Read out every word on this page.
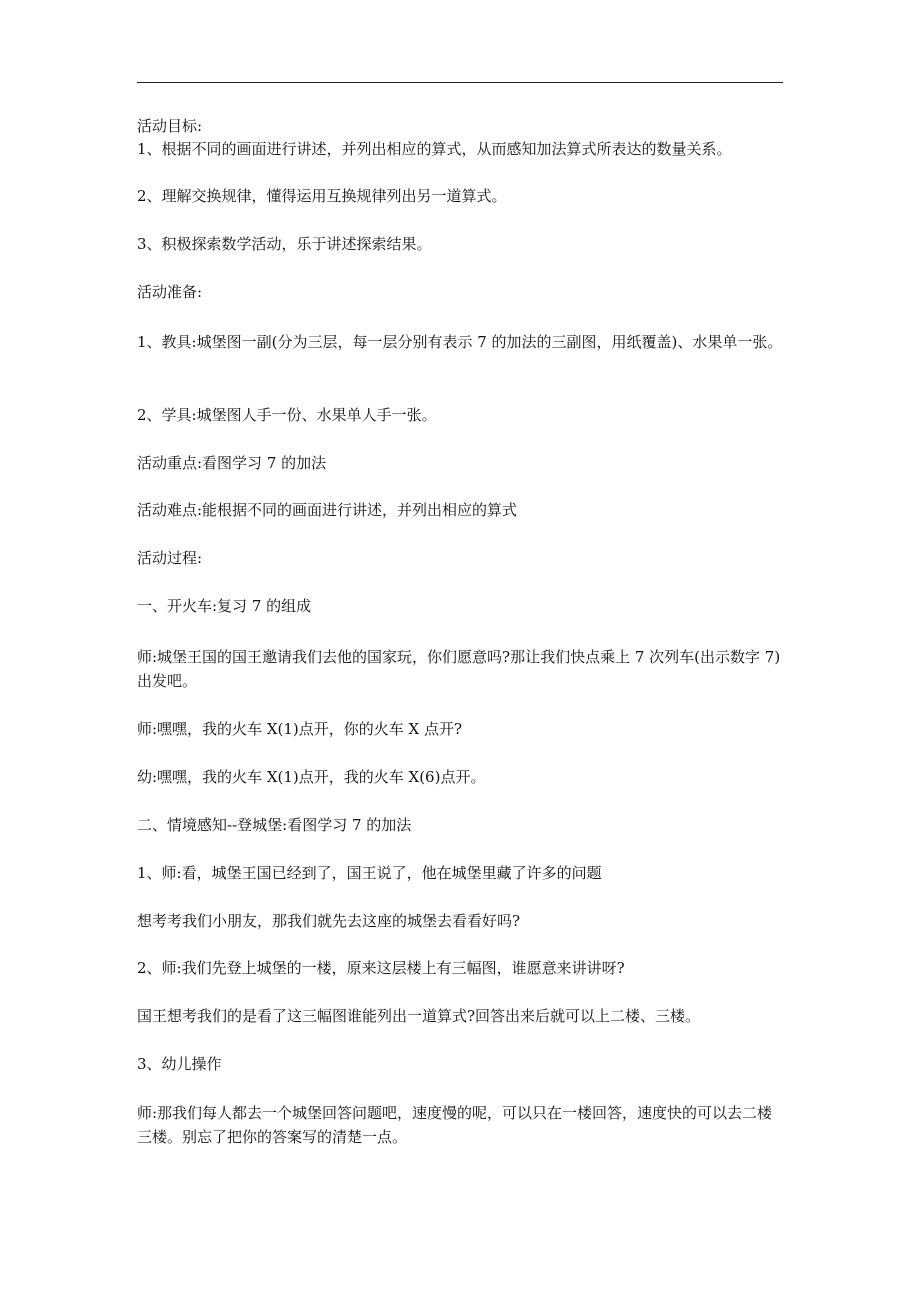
活动目标:

1、根据不同的画面进行讲述，并列出相应的算式，从而感知加法算式所表达的数量关系。

2、理解交换规律，懂得运用互换规律列出另一道算式。

3、积极探索数学活动，乐于讲述探索结果。

活动准备:

1、教具:城堡图一副(分为三层，每一层分别有表示 7 的加法的三副图，用纸覆盖)、水果单一张。

2、学具:城堡图人手一份、水果单人手一张。

活动重点:看图学习 7 的加法

活动难点:能根据不同的画面进行讲述，并列出相应的算式

活动过程:

一、开火车:复习 7 的组成

师:城堡王国的国王邀请我们去他的国家玩，你们愿意吗?那让我们快点乘上 7 次列车(出示数字 7)出发吧。

师:嘿嘿，我的火车 X(1)点开，你的火车 X 点开?

幼:嘿嘿，我的火车 X(1)点开，我的火车 X(6)点开。

二、情境感知--登城堡:看图学习 7 的加法

1、师:看，城堡王国已经到了，国王说了，他在城堡里藏了许多的问题

想考考我们小朋友，那我们就先去这座的城堡去看看好吗?

2、师:我们先登上城堡的一楼，原来这层楼上有三幅图，谁愿意来讲讲呀?

国王想考我们的是看了这三幅图谁能列出一道算式?回答出来后就可以上二楼、三楼。

3、幼儿操作

师:那我们每人都去一个城堡回答问题吧，速度慢的呢，可以只在一楼回答，速度快的可以去二楼三楼。别忘了把你的答案写的清楚一点。
